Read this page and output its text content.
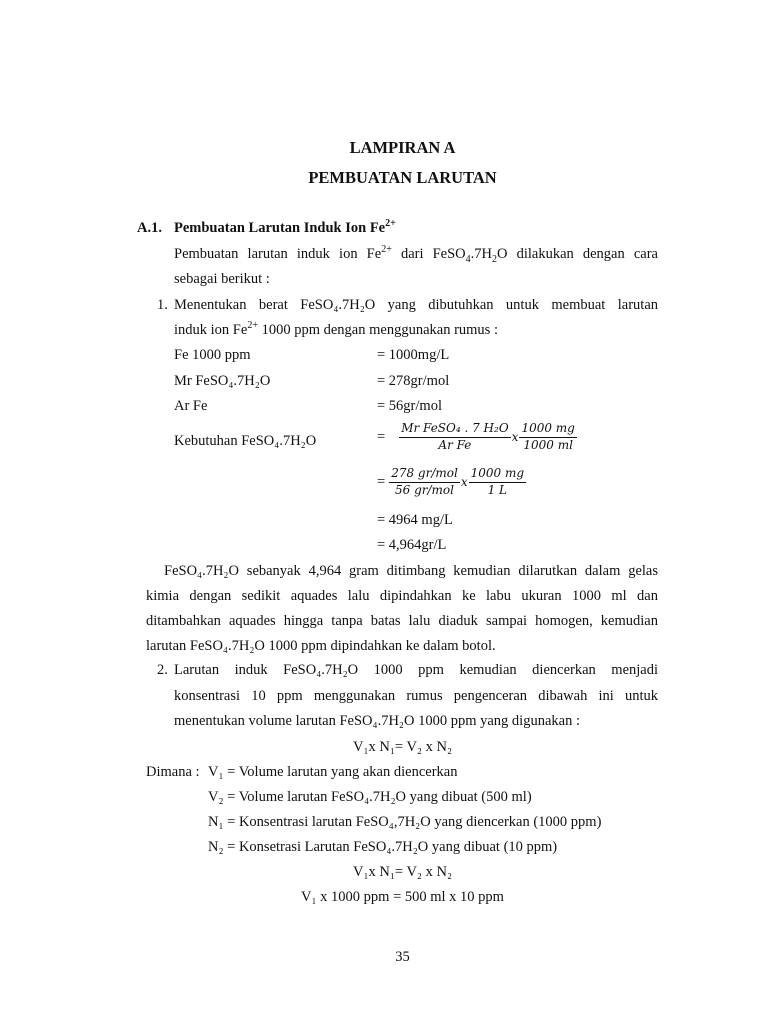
LAMPIRAN A
PEMBUATAN LARUTAN
A.1. Pembuatan Larutan Induk Ion $Fe^{2+}$
Pembuatan larutan induk ion $Fe^{2+}$ dari $FeSO_4.7H_2O$ dilakukan dengan cara
sebagai berikut :
1. Menentukan berat FeSO₄.7H₂O yang dibutuhkan untuk membuat larutan
induk ion $Fe^{2+}$ 1000 ppm dengan menggunakan rumus :
Fe 1000 ppm	= 1000mg/L
Mr FeSO₄.7H₂O	= 278gr/mol
Ar Fe	= 56gr/mol
Kebutuhan FeSO₄.7H₂O	= $\frac{\text{Mr FeSO₄ . 7 H₂O}}{\text{Ar Fe}}$ x $\frac{1000 mg}{1000 ml}$
= $\frac{\text{278 gr/mol}}{\text{56 gr/mol}}$ x $\frac{1000 mg}{1 L}$
= 4964 mg/L
= 4,964gr/L
FeSO₄.7H₂O sebanyak 4,964 gram ditimbang kemudian dilarutkan dalam gelas
kimia dengan sedikit aquades lalu dipindahkan ke labu ukuran 1000 ml dan
ditambahkan aquades hingga tanpa batas lalu diaduk sampai homogen, kemudian
larutan FeSO₄.7H₂O 1000 ppm dipindahkan ke dalam botol.
2. Larutan induk FeSO₄.7H₂O 1000 ppm kemudian diencerkan menjadi
konsentrasi 10 ppm menggunakan rumus pengenceran dibawah ini untuk
menentukan volume larutan FeSO₄.7H₂O 1000 ppm yang digunakan :
V₁x N₁= V₂ x N₂
Dimana : V₁ = Volume larutan yang akan diencerkan
V₂ = Volume larutan FeSO₄.7H₂O yang dibuat (500 ml)
N₁ = Konsentrasi larutan FeSO₄,7H₂O yang diencerkan (1000 ppm)
N₂ = Konsetrasi Larutan FeSO₄.7H₂O yang dibuat (10 ppm)
V₁x N₁= V₂ x N₂
V₁ x 1000 ppm = 500 ml x 10 ppm
35
